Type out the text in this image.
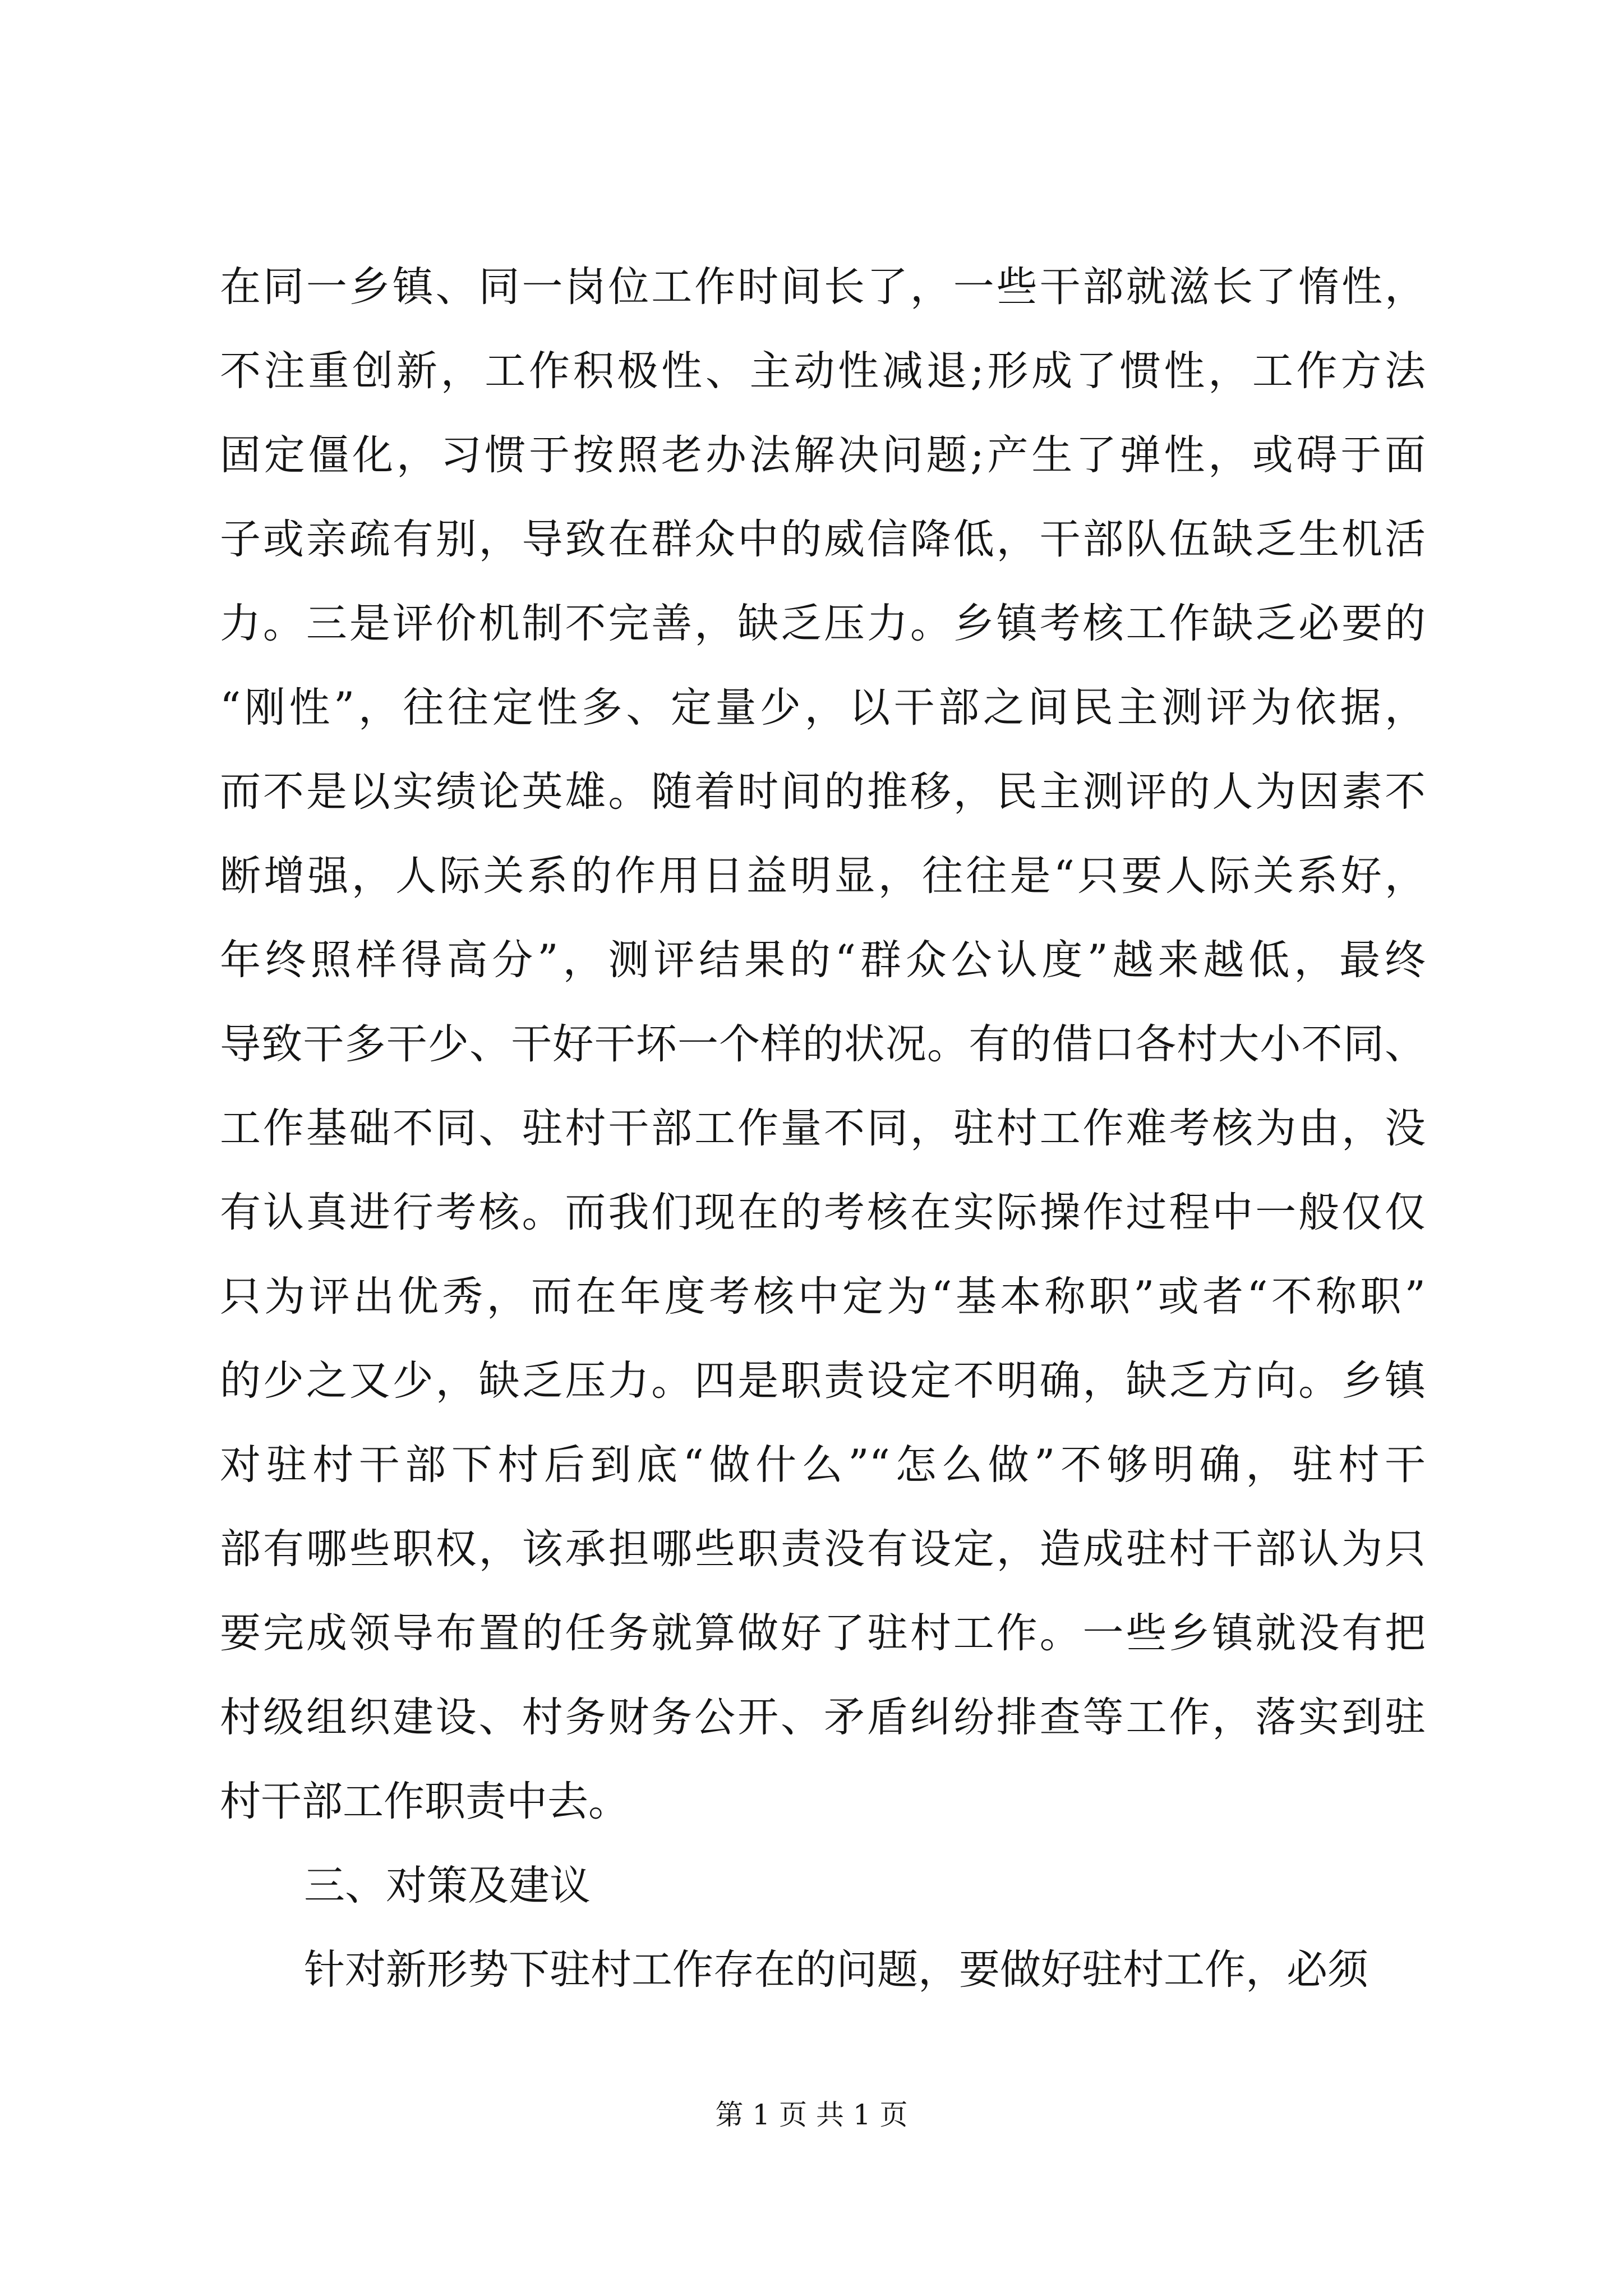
在同一乡镇、同一岗位工作时间长了，一些干部就滋长了惰性，
不注重创新，工作积极性、主动性减退;形成了惯性，工作方法
固定僵化，习惯于按照老办法解决问题;产生了弹性，或碍于面
子或亲疏有别，导致在群众中的威信降低，干部队伍缺乏生机活
力。三是评价机制不完善，缺乏压力。乡镇考核工作缺乏必要的
“刚性”，往往定性多、定量少，以干部之间民主测评为依据，
而不是以实绩论英雄。随着时间的推移，民主测评的人为因素不
断增强，人际关系的作用日益明显，往往是“只要人际关系好，
年终照样得高分”，测评结果的“群众公认度”越来越低，最终
导致干多干少、干好干坏一个样的状况。有的借口各村大小不同、
工作基础不同、驻村干部工作量不同，驻村工作难考核为由，没
有认真进行考核。而我们现在的考核在实际操作过程中一般仅仅
只为评出优秀，而在年度考核中定为“基本称职”或者“不称职”
的少之又少，缺乏压力。四是职责设定不明确，缺乏方向。乡镇
对驻村干部下村后到底“做什么”“怎么做”不够明确，驻村干
部有哪些职权，该承担哪些职责没有设定，造成驻村干部认为只
要完成领导布置的任务就算做好了驻村工作。一些乡镇就没有把
村级组织建设、村务财务公开、矛盾纠纷排查等工作，落实到驻
村干部工作职责中去。
三、对策及建议
针对新形势下驻村工作存在的问题，要做好驻村工作，必须
第 1 页 共 1 页
